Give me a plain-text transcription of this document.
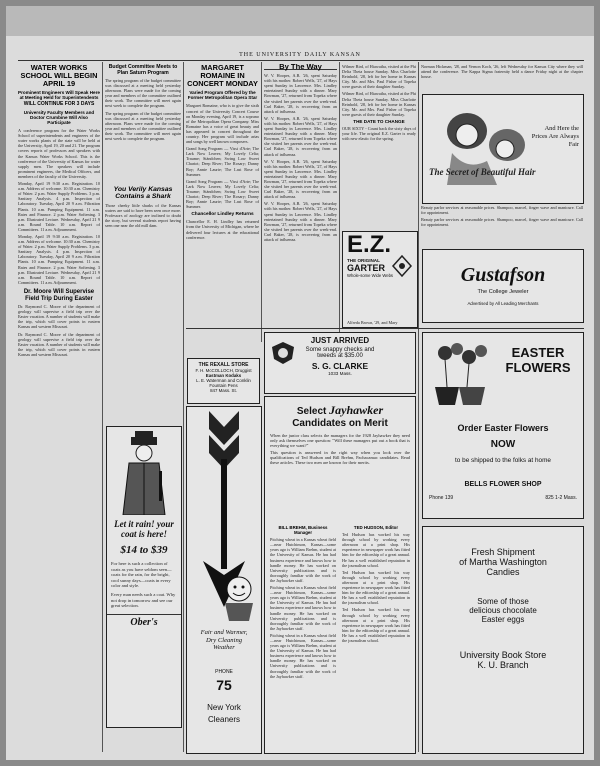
THE UNIVERSITY DAILY KANSAN
WATER WORKS SCHOOL WILL BEGIN APRIL 19
Prominent Engineers Will Speak Here at Meeting Held for Superintendents
WILL CONTINUE FOR 3 DAYS
University Faculty Members and Doctor Crumbine Will Also Participate

A conference program for the Water Works School of superintendents and engineers of the water works plants of the state will be held at the University, April 19, 20 and 21. The program covers reports of professors and speakers with the Kansas Water Works School. This is the conference of the University of Kansas for water supply men. The speakers will include prominent engineers, the Medical Officers, and members of the faculty of the University.

Monday, April 19 9:30 a.m. Registration. 10 a.m. Address of welcome. 10:30 a.m. Chemistry of Water. 2 p.m. Water Supply Problems. 3 p.m. Sanitary Analysis. 4 p.m. Inspection of Laboratory. Tuesday, April 20 9 a.m. Filtration Plants. 10 a.m. Pumping Equipment. 11 a.m. Rates and Finance. 2 p.m. Water Softening. 3 p.m. Illustrated Lecture. Wednesday, April 21 9 a.m. Round Table. 10 a.m. Report of Committees. 11 a.m. Adjournment.

Monday, April 19 9:30 a.m. Registration. 10 a.m. Address of welcome. 10:30 a.m. Chemistry of Water. 2 p.m. Water Supply Problems. 3 p.m. Sanitary Analysis. 4 p.m. Inspection of Laboratory. Tuesday, April 20 9 a.m. Filtration Plants. 10 a.m. Pumping Equipment. 11 a.m. Rates and Finance. 2 p.m. Water Softening. 3 p.m. Illustrated Lecture. Wednesday, April 21 9 a.m. Round Table. 10 a.m. Report of Committees. 11 a.m. Adjournment.

Dr. Moore Will Supervise Field Trip During Easter

Dr. Raymond C. Moore of the department of geology will supervise a field trip over the Easter vacation. A number of students will make the trip, which will cover points in eastern Kansas and western Missouri.

Dr. Raymond C. Moore of the department of geology will supervise a field trip over the Easter vacation. A number of students will make the trip, which will cover points in eastern Kansas and western Missouri.

Budget Committee Meets to Plan Saturn Program

The spring program of the budget committee was discussed at a meeting held yesterday afternoon. Plans were made for the coming year and members of the committee outlined their work. The committee will meet again next week to complete the program.

The spring program of the budget committee was discussed at a meeting held yesterday afternoon. Plans were made for the coming year and members of the committee outlined their work. The committee will meet again next week to complete the program.

You Verily Kansas Contains a Shark

Those cheeky little sharks of the Kansas waters are said to have been seen once more. Professors of zoology are inclined to doubt the story, but several students report having seen one near the old mill dam.

Let it rain! your coat is here!
$14 to $39
For here is such a collection of coats as you have seldom seen—coats for the rain, for the bright, cool sunny days—coats in every color and style.
Every man needs such a coat. Why not drop in tomorrow and see our great selection.
Ober's
MARGARET ROMAINE IN CONCERT MONDAY
Varied Program Offered by the Former Metropolitan Opera Star

Margaret Romaine, who is to give the sixth concert of the University Concert Course on Monday evening, April 19, is a soprano of the Metropolitan Opera Company. Miss Romaine has a voice of great beauty and has appeared in concert throughout the country. Her program will include arias and songs by well known composers.

Grand Song Program — Vissi d'Arte; The Lark Now Leaves; My Lovely Celia; Traume; Ständchen; Swing Low Sweet Chariot; Deep River; The Rosary; Danny Boy; Annie Laurie; The Last Rose of Summer.

Grand Song Program — Vissi d'Arte; The Lark Now Leaves; My Lovely Celia; Traume; Ständchen; Swing Low Sweet Chariot; Deep River; The Rosary; Danny Boy; Annie Laurie; The Last Rose of Summer.

Chancellor Lindley Returns

Chancellor E. H. Lindley has returned from the University of Michigan, where he delivered four lectures at the educational conference.

THE REXALL STORE
F. H. McCOLLOCH, Druggist
Eastman Kodaks
L. E. Waterman and Conklin
Fountain Pens
847 Mass. St.
By The Way

W. V. Hoopes, A.B. '26, spent Saturday with his mother. Robert Wells, '27, of Hays spent Sunday in Lawrence. Mrs. Lindley entertained Sunday with a dinner. Mary Bowman, '27, returned from Topeka where she visited her parents over the week-end. Carl Baker, '28, is recovering from an attack of influenza.

W. V. Hoopes, A.B. '26, spent Saturday with his mother. Robert Wells, '27, of Hays spent Sunday in Lawrence. Mrs. Lindley entertained Sunday with a dinner. Mary Bowman, '27, returned from Topeka where she visited her parents over the week-end. Carl Baker, '28, is recovering from an attack of influenza.

W. V. Hoopes, A.B. '26, spent Saturday with his mother. Robert Wells, '27, of Hays spent Sunday in Lawrence. Mrs. Lindley entertained Sunday with a dinner. Mary Bowman, '27, returned from Topeka where she visited her parents over the week-end. Carl Baker, '28, is recovering from an attack of influenza.

W. V. Hoopes, A.B. '26, spent Saturday with his mother. Robert Wells, '27, of Hays spent Sunday in Lawrence. Mrs. Lindley entertained Sunday with a dinner. Mary Bowman, '27, returned from Topeka where she visited her parents over the week-end. Carl Baker, '28, is recovering from an attack of influenza.

Wilmer Bird, of Hiawatha, visited at the Phi Delta Theta house Sunday. Miss Charlotte Reinhold, '28, left for her home in Kansas City. Mr. and Mrs. Paul Fisher of Topeka were guests of their daughter Sunday.

Wilmer Bird, of Hiawatha, visited at the Phi Delta Theta house Sunday. Miss Charlotte Reinhold, '28, left for her home in Kansas City. Mr. and Mrs. Paul Fisher of Topeka were guests of their daughter Sunday.

THE DATE TO CHANGE

OUR SIXTY - Count back the sixty days of your life. The original E.Z. Garter is ready with new elastic for the spring.

E.Z.
THE ORIGINAL
GARTER
Whole-some Wide Webs
Alfreda Brown, '29, and Mary

Norman Hickman, '28, and Vernon Koch, '26, left Wednesday for Kansas City where they will attend the conference. The Kappa Sigma fraternity held a dance Friday night at the chapter house.

The Secret of Beautiful Hair
And Here the Prices Are Always Fair

Beauty parlor services at reasonable prices. Shampoo, marcel, finger wave and manicure. Call for appointment.

Beauty parlor services at reasonable prices. Shampoo, marcel, finger wave and manicure. Call for appointment.

Gustafson
The College Jeweler
Advertised by All Leading Merchants
JUST ARRIVED
Some snappy checks and
tweeds at $35.00
S. G. CLARKE
1033 Mass.
Select Jayhawker
Candidates on Merit

When the junior class selects the managers for the 1928 Jayhawker they need only ask themselves one question: "Will these managers put out a book that is everything we want?"

This question is answered in the right way when you look over the qualifications of Ted Hudson and Bill Brehm, Pachacamac candidates. Read these articles. These two men are known for their merits.

BILL BREHM, Business Manager

Pitching wheat in a Kansas wheat field—near Hutchinson, Kansas—some years ago is William Brehm, student at the University of Kansas. He has had business experience and knows how to handle money. He has worked on University publications and is thoroughly familiar with the work of the Jayhawker staff.

Pitching wheat in a Kansas wheat field—near Hutchinson, Kansas—some years ago is William Brehm, student at the University of Kansas. He has had business experience and knows how to handle money. He has worked on University publications and is thoroughly familiar with the work of the Jayhawker staff.

Pitching wheat in a Kansas wheat field—near Hutchinson, Kansas—some years ago is William Brehm, student at the University of Kansas. He has had business experience and knows how to handle money. He has worked on University publications and is thoroughly familiar with the work of the Jayhawker staff.

TED HUDSON, Editor

Ted Hudson has worked his way through school by working every afternoon at a print shop. His experience in newspaper work has fitted him for the editorship of a great annual. He has a well established reputation in the journalism school.

Ted Hudson has worked his way through school by working every afternoon at a print shop. His experience in newspaper work has fitted him for the editorship of a great annual. He has a well established reputation in the journalism school.

Ted Hudson has worked his way through school by working every afternoon at a print shop. His experience in newspaper work has fitted him for the editorship of a great annual. He has a well established reputation in the journalism school.

Fair and Warmer,
Dry Cleaning
Weather
PHONE
75
New York
Cleaners
EASTER
FLOWERS
Order Easter Flowers
NOW
to be shipped to the folks at home
BELLS FLOWER SHOP
Phone 139	825 1-2 Mass.
Fresh Shipment
of Martha Washington
Candies
Some of those
delicious chocolate
Easter eggs
University Book Store
K. U. Branch
